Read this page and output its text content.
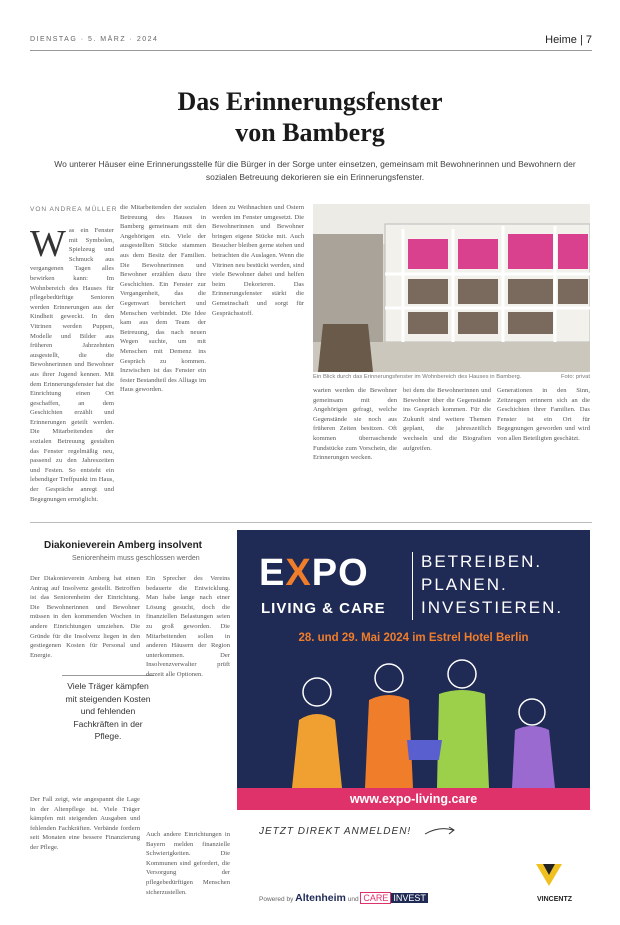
DIENSTAG · 5. MÄRZ · 2024	Heime | 7
Das Erinnerungsfenster
von Bamberg
Wo unterer Häuser eine Erinnerungsstelle für die Bürger in der Sorge unter einsetzen, gemeinsam mit Bewohnerinnen und Bewohnern der sozialen Betreuung dekorieren sie ein Erinnerungsfenster.
VON ANDREA MÜLLER
W as ein Fenster mit Symbolen, Spielzeug und Schmuck aus vergangenen Tagen alles bewirken kann: Im Wohnbereich des Hauses für pflegebedürftige Senioren werden Erinnerungen aus der Kindheit geweckt. In den Vitrinen werden Puppen, Modelle und Bilder aus früheren Jahrzehnten ausgestellt, die die Bewohnerinnen und Bewohner aus ihrer Jugend kennen. Mit dem Erinnerungsfenster hat die Einrichtung einen Ort geschaffen, an dem Geschichten erzählt und Erinnerungen geteilt werden. Die Mitarbeitenden der sozialen Betreuung gestalten das Fenster regelmäßig neu, passend zu den Jahreszeiten und Festen. So entsteht ein lebendiger Treffpunkt im Haus, der Gespräche anregt und Begegnungen ermöglicht.
die Mitarbeitenden der sozialen Betreuung des Hauses in Bamberg gemeinsam mit den Angehörigen ein. Viele der ausgestellten Stücke stammen aus dem Besitz der Familien. Die Bewohnerinnen und Bewohner erzählen dazu ihre Geschichten. Ein Fenster zur Vergangenheit, das die Gegenwart bereichert und Menschen verbindet. Die Idee kam aus dem Team der Betreuung, das nach neuen Wegen suchte, um mit Menschen mit Demenz ins Gespräch zu kommen. Inzwischen ist das Fenster ein fester Bestandteil des Alltags im Haus geworden.
Ideen zu Weihnachten und Ostern werden im Fenster umgesetzt. Die Bewohnerinnen und Bewohner bringen eigene Stücke mit. Auch Besucher bleiben gerne stehen und betrachten die Auslagen. Wenn die Vitrinen neu bestückt werden, sind viele Bewohner dabei und helfen beim Dekorieren. Das Erinnerungsfenster stärkt die Gemeinschaft und sorgt für Gesprächsstoff.
Ein Blick durch das Erinnerungsfenster im Wohnbereich des Hauses in Bamberg.	Foto: privat
warten werden die Bewohner gemeinsam mit den Angehörigen gefragt, welche Gegenstände sie noch aus früheren Zeiten besitzen. Oft kommen überraschende Fundstücke zum Vorschein, die Erinnerungen wecken.
bei dem die Bewohnerinnen und Bewohner über die Gegenstände ins Gespräch kommen. Für die Zukunft sind weitere Themen geplant, die jahreszeitlich wechseln und die Biografien aufgreifen.
Generationen in den Sinn, Zeitzeugen erinnern sich an die Geschichten ihrer Familien. Das Fenster ist ein Ort für Begegnungen geworden und wird von allen Beteiligten geschätzt.
Diakonieverein Amberg insolvent
Seniorenheim muss geschlossen werden
Der Diakonieverein Amberg hat einen Antrag auf Insolvenz gestellt. Betroffen ist das Seniorenheim der Einrichtung. Die Bewohnerinnen und Bewohner müssen in den kommenden Wochen in andere Einrichtungen umziehen. Die Gründe für die Insolvenz liegen in den gestiegenen Kosten für Personal und Energie.
Viele Träger kämpfen mit steigenden Kosten und fehlenden Fachkräften in der Pflege.
Der Fall zeigt, wie angespannt die Lage in der Altenpflege ist. Viele Träger kämpfen mit steigenden Ausgaben und fehlenden Fachkräften. Verbände fordern seit Monaten eine bessere Finanzierung der Pflege.
Ein Sprecher des Vereins bedauerte die Entwicklung. Man habe lange nach einer Lösung gesucht, doch die finanziellen Belastungen seien zu groß geworden. Die Mitarbeitenden sollen in anderen Häusern der Region unterkommen. Der Insolvenzverwalter prüft derzeit alle Optionen.
Auch andere Einrichtungen in Bayern melden finanzielle Schwierigkeiten. Die Kommunen sind gefordert, die Versorgung der pflegebedürftigen Menschen sicherzustellen.
EXPO
LIVING & CARE
BETREIBEN.
PLANEN.
INVESTIEREN.
28. und 29. Mai 2024 im Estrel Hotel Berlin
www.expo-living.care
JETZT DIREKT ANMELDEN!
Powered by Altenheim und CARE INVEST	VINCENTZ
